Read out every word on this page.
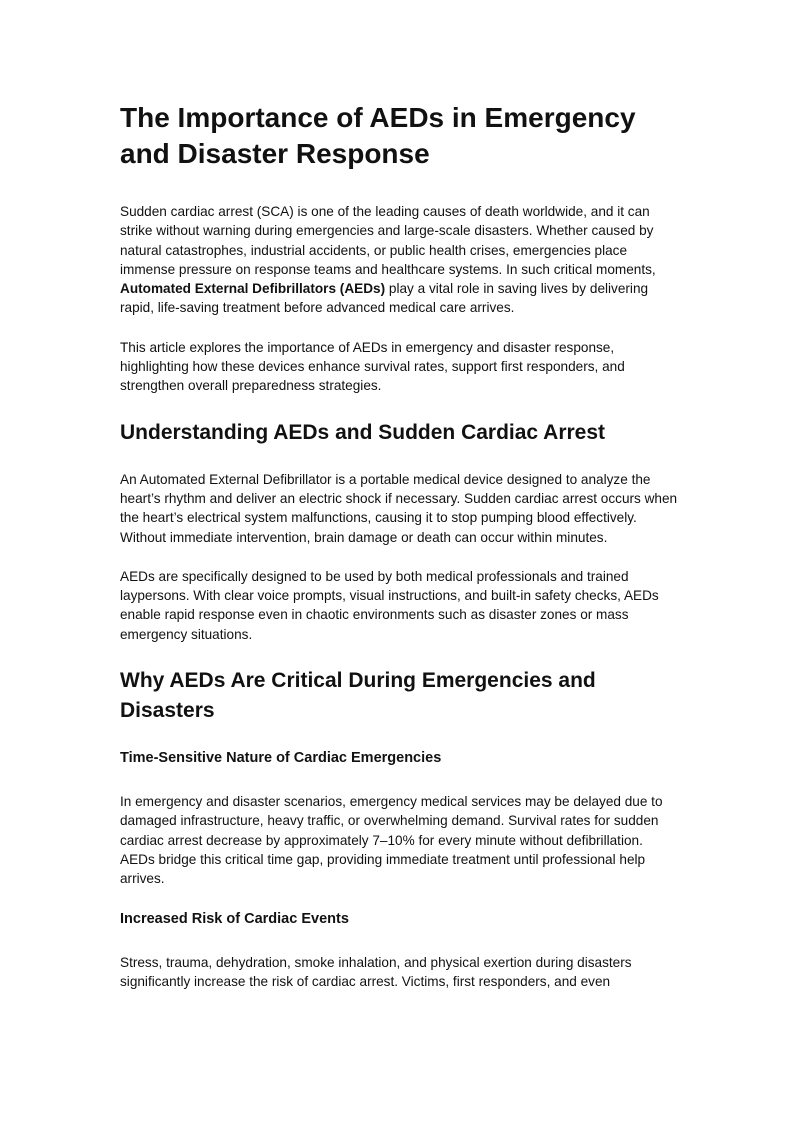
The Importance of AEDs in Emergency and Disaster Response

Sudden cardiac arrest (SCA) is one of the leading causes of death worldwide, and it can strike without warning during emergencies and large-scale disasters. Whether caused by natural catastrophes, industrial accidents, or public health crises, emergencies place immense pressure on response teams and healthcare systems. In such critical moments, Automated External Defibrillators (AEDs) play a vital role in saving lives by delivering rapid, life-saving treatment before advanced medical care arrives.

This article explores the importance of AEDs in emergency and disaster response, highlighting how these devices enhance survival rates, support first responders, and strengthen overall preparedness strategies.

Understanding AEDs and Sudden Cardiac Arrest

An Automated External Defibrillator is a portable medical device designed to analyze the heart’s rhythm and deliver an electric shock if necessary. Sudden cardiac arrest occurs when the heart’s electrical system malfunctions, causing it to stop pumping blood effectively. Without immediate intervention, brain damage or death can occur within minutes.

AEDs are specifically designed to be used by both medical professionals and trained laypersons. With clear voice prompts, visual instructions, and built-in safety checks, AEDs enable rapid response even in chaotic environments such as disaster zones or mass emergency situations.

Why AEDs Are Critical During Emergencies and Disasters
Time-Sensitive Nature of Cardiac Emergencies

In emergency and disaster scenarios, emergency medical services may be delayed due to damaged infrastructure, heavy traffic, or overwhelming demand. Survival rates for sudden cardiac arrest decrease by approximately 7–10% for every minute without defibrillation. AEDs bridge this critical time gap, providing immediate treatment until professional help arrives.

Increased Risk of Cardiac Events

Stress, trauma, dehydration, smoke inhalation, and physical exertion during disasters significantly increase the risk of cardiac arrest. Victims, first responders, and even
